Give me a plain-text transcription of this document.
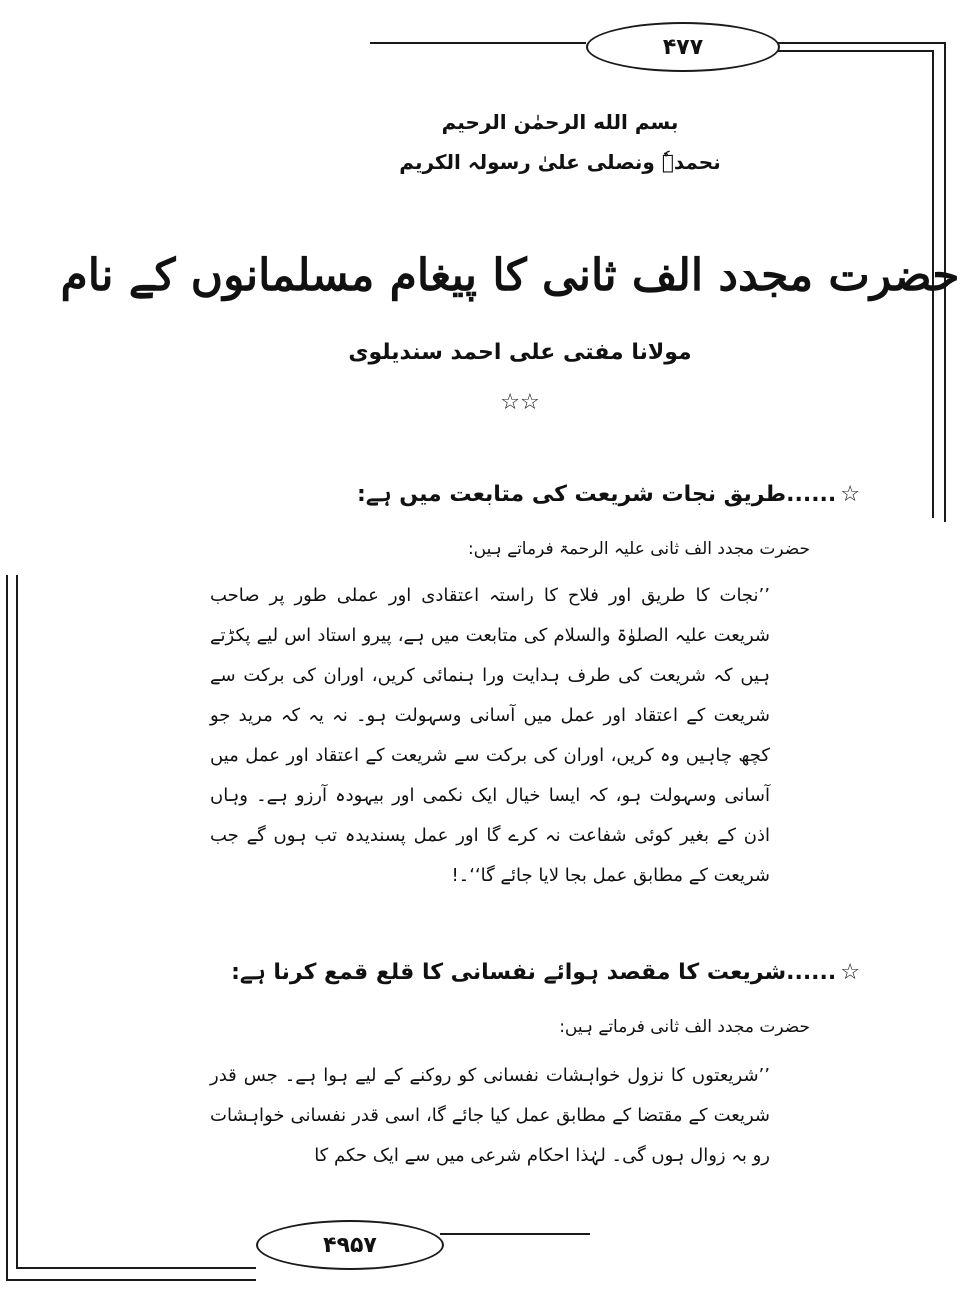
۴۷۷
۴۹۵۷
بسم الله الرحمٰن الرحیم
نحمدہٗ ونصلی علیٰ رسولہ الکریم
حضرت مجدد الف ثانی کا پیغام مسلمانوں کے نام
مولانا مفتی علی احمد سندیلوی
☆☆
☆......طریق نجات شریعت کی متابعت میں ہے:
حضرت مجدد الف ثانی علیہ الرحمۃ فرماتے ہیں:
’’نجات کا طریق اور فلاح کا راستہ اعتقادی اور عملی طور پر صاحب شریعت علیہ الصلوٰۃ والسلام کی متابعت میں ہے، پیرو استاد اس لیے پکڑتے ہیں کہ شریعت کی طرف ہدایت ورا ہنمائی کریں، اوران کی برکت سے شریعت کے اعتقاد اور عمل میں آسانی وسہولت ہو۔ نہ یہ کہ مرید جو کچھ چاہیں وہ کریں، اوران کی برکت سے شریعت کے اعتقاد اور عمل میں آسانی وسہولت ہو، کہ ایسا خیال ایک نکمی اور بیہودہ آرزو ہے۔ وہاں اذن کے بغیر کوئی شفاعت نہ کرے گا اور عمل پسندیدہ تب ہوں گے جب شریعت کے مطابق عمل بجا لایا جائے گا‘‘۔!
☆......شریعت کا مقصد ہوائے نفسانی کا قلع قمع کرنا ہے:
حضرت مجدد الف ثانی فرماتے ہیں:
’’شریعتوں کا نزول خواہشات نفسانی کو روکنے کے لیے ہوا ہے۔ جس قدر شریعت کے مقتضا کے مطابق عمل کیا جائے گا، اسی قدر نفسانی خواہشات رو بہ زوال ہوں گی۔ لہٰذا احکام شرعی میں سے ایک حکم کا
